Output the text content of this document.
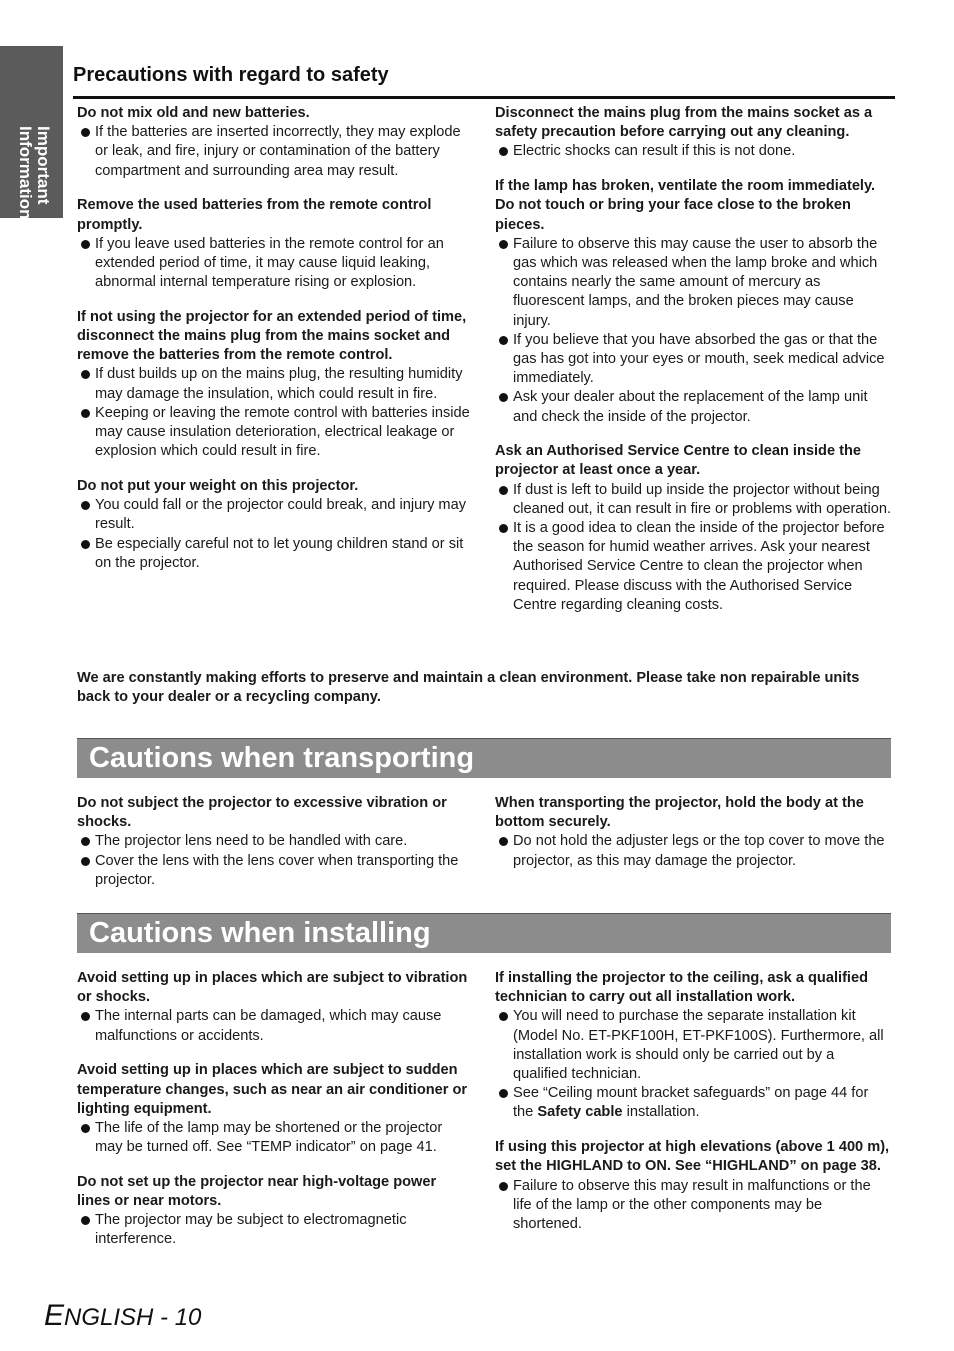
Important
Information
Precautions with regard to safety
Do not mix old and new batteries.
If the batteries are inserted incorrectly, they may explode or leak, and fire, injury or contamination of the battery compartment and surrounding area may result.
Remove the used batteries from the remote control promptly.
If you leave used batteries in the remote control for an extended period of time, it may cause liquid leaking, abnormal internal temperature rising or explosion.
If not using the projector for an extended period of time, disconnect the mains plug from the mains socket and remove the batteries from the remote control.
If dust builds up on the mains plug, the resulting humidity may damage the insulation, which could result in fire.
Keeping or leaving the remote control with batteries inside may cause insulation deterioration, electrical leakage or explosion which could result in fire.
Do not put your weight on this projector.
You could fall or the projector could break, and injury may result.
Be especially careful not to let young children stand or sit on the projector.
Disconnect the mains plug from the mains socket as a safety precaution before carrying out any cleaning.
Electric shocks can result if this is not done.
If the lamp has broken, ventilate the room immediately. Do not touch or bring your face close to the broken pieces.
Failure to observe this may cause the user to absorb the gas which was released when the lamp broke and which contains nearly the same amount of mercury as fluorescent lamps, and the broken pieces may cause injury.
If you believe that you have absorbed the gas or that the gas has got into your eyes or mouth, seek medical advice immediately.
Ask your dealer about the replacement of the lamp unit and check the inside of the projector.
Ask an Authorised Service Centre to clean inside the projector at least once a year.
If dust is left to build up inside the projector without being cleaned out, it can result in fire or problems with operation.
It is a good idea to clean the inside of the projector before the season for humid weather arrives. Ask your nearest Authorised Service Centre to clean the projector when required. Please discuss with the Authorised Service Centre regarding cleaning costs.
We are constantly making efforts to preserve and maintain a clean environment. Please take non repairable units back to your dealer or a recycling company.
Cautions when transporting
Do not subject the projector to excessive vibration or shocks.
The projector lens need to be handled with care.
Cover the lens with the lens cover when transporting the projector.
When transporting the projector, hold the body at the bottom securely.
Do not hold the adjuster legs or the top cover to move the projector, as this may damage the projector.
Cautions when installing
Avoid setting up in places which are subject to vibration or shocks.
The internal parts can be damaged, which may cause malfunctions or accidents.
Avoid setting up in places which are subject to sudden temperature changes, such as near an air conditioner or lighting equipment.
The life of the lamp may be shortened or the projector may be turned off. See “TEMP indicator” on page 41.
Do not set up the projector near high-voltage power lines or near motors.
The projector may be subject to electromagnetic interference.
If installing the projector to the ceiling, ask a qualified technician to carry out all installation work.
You will need to purchase the separate installation kit (Model No. ET-PKF100H, ET-PKF100S). Furthermore, all installation work is should only be carried out by a qualified technician.
See “Ceiling mount bracket safeguards” on page 44 for the Safety cable installation.
If using this projector at high elevations (above 1 400 m), set the HIGHLAND to ON. See “HIGHLAND” on page 38.
Failure to observe this may result in malfunctions or the life of the lamp or the other components may be shortened.
ENGLISH - 10
